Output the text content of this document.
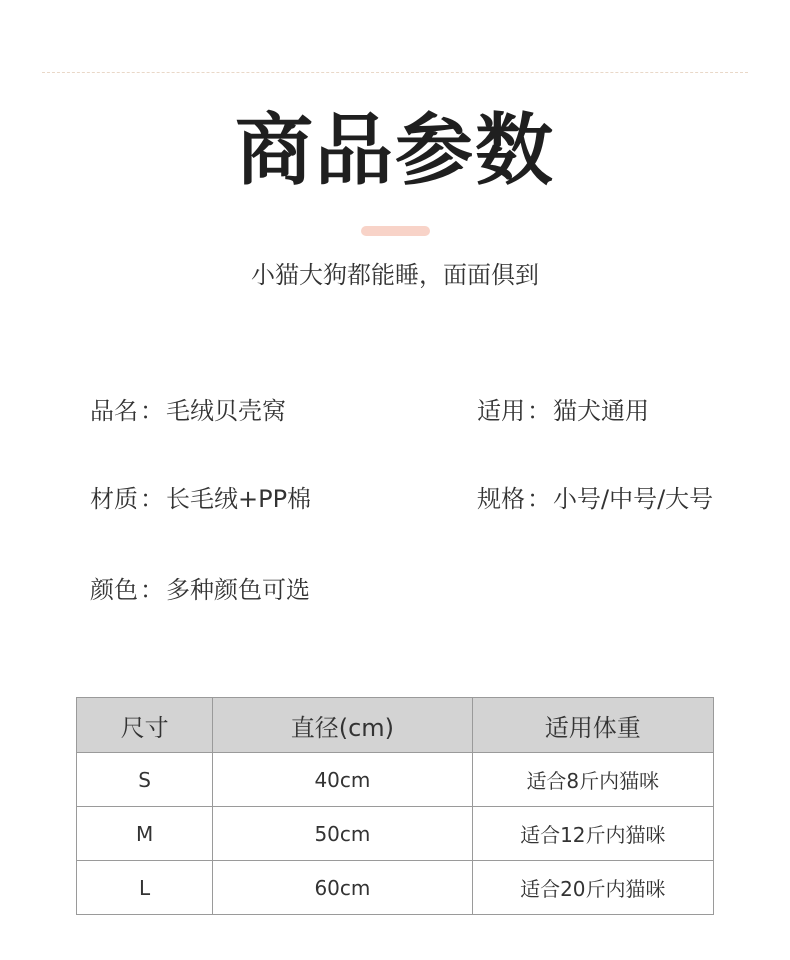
商品参数
小猫大狗都能睡，面面俱到
品名：毛绒贝壳窝	适用：猫犬通用
材质：长毛绒+PP棉	规格：小号/中号/大号
颜色：多种颜色可选
尺寸	直径(cm)	适用体重
S	40cm	适合8斤内猫咪
M	50cm	适合12斤内猫咪
L	60cm	适合20斤内猫咪
